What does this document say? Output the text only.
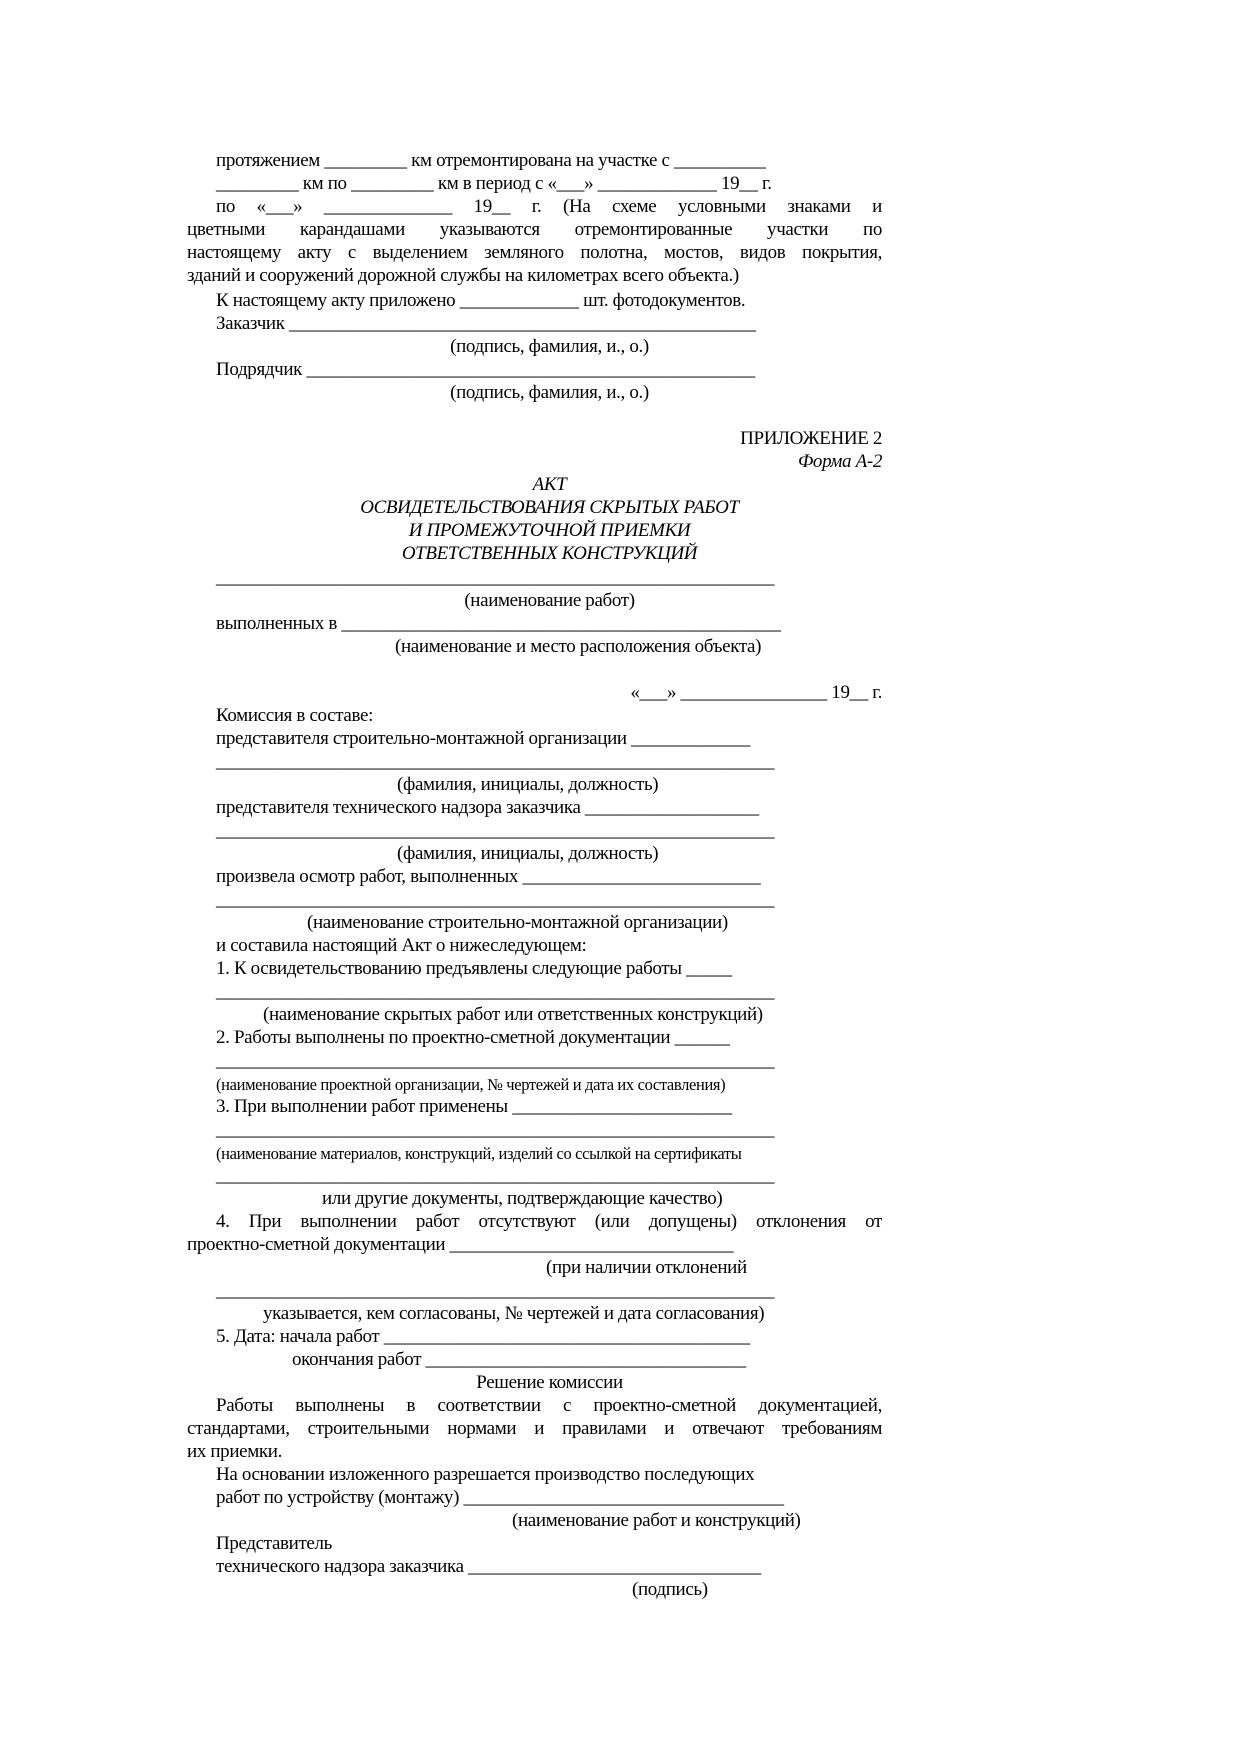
протяжением _________ км отремонтирована на участке с __________
_________ км по _________ км в период с «___» _____________ 19__ г.
по «___» ______________ 19__ г. (На схеме условными знаками и
цветными карандашами указываются отремонтированные участки по
настоящему акту с выделением земляного полотна, мостов, видов покрытия,
зданий и сооружений дорожной службы на километрах всего объекта.)
К настоящему акту приложено _____________ шт. фотодокументов.
Заказчик ___________________________________________________
(подпись, фамилия, и., о.)
Подрядчик _________________________________________________
(подпись, фамилия, и., о.)
ПРИЛОЖЕНИЕ 2
Форма А-2
АКТ
ОСВИДЕТЕЛЬСТВОВАНИЯ СКРЫТЫХ РАБОТ
И ПРОМЕЖУТОЧНОЙ ПРИЕМКИ
ОТВЕТСТВЕННЫХ КОНСТРУКЦИЙ
_____________________________________________________________
(наименование работ)
выполненных в ________________________________________________
(наименование и место расположения объекта)
«___» ________________ 19__ г.
Комиссия в составе:
представителя строительно-монтажной организации _____________
_____________________________________________________________
(фамилия, инициалы, должность)
представителя технического надзора заказчика ___________________
_____________________________________________________________
(фамилия, инициалы, должность)
произвела осмотр работ, выполненных __________________________
_____________________________________________________________
(наименование строительно-монтажной организации)
и составила настоящий Акт о нижеследующем:
1. К освидетельствованию предъявлены следующие работы _____
_____________________________________________________________
(наименование скрытых работ или ответственных конструкций)
2. Работы выполнены по проектно-сметной документации ______
_____________________________________________________________
(наименование проектной организации, № чертежей и дата их составления)
3. При выполнении работ применены ________________________
_____________________________________________________________
(наименование материалов, конструкций, изделий со ссылкой на сертификаты
_____________________________________________________________
или другие документы, подтверждающие качество)
4. При выполнении работ отсутствуют (или допущены) отклонения от
проектно-сметной документации _______________________________
(при наличии отклонений
_____________________________________________________________
указывается, кем согласованы, № чертежей и дата согласования)
5. Дата: начала работ ________________________________________
окончания работ ___________________________________
Решение комиссии
Работы выполнены в соответствии с проектно-сметной документацией,
стандартами, строительными нормами и правилами и отвечают требованиям
их приемки.
На основании изложенного разрешается производство последующих
работ по устройству (монтажу) ___________________________________
(наименование работ и конструкций)
Представитель
технического надзора заказчика ________________________________
(подпись)
